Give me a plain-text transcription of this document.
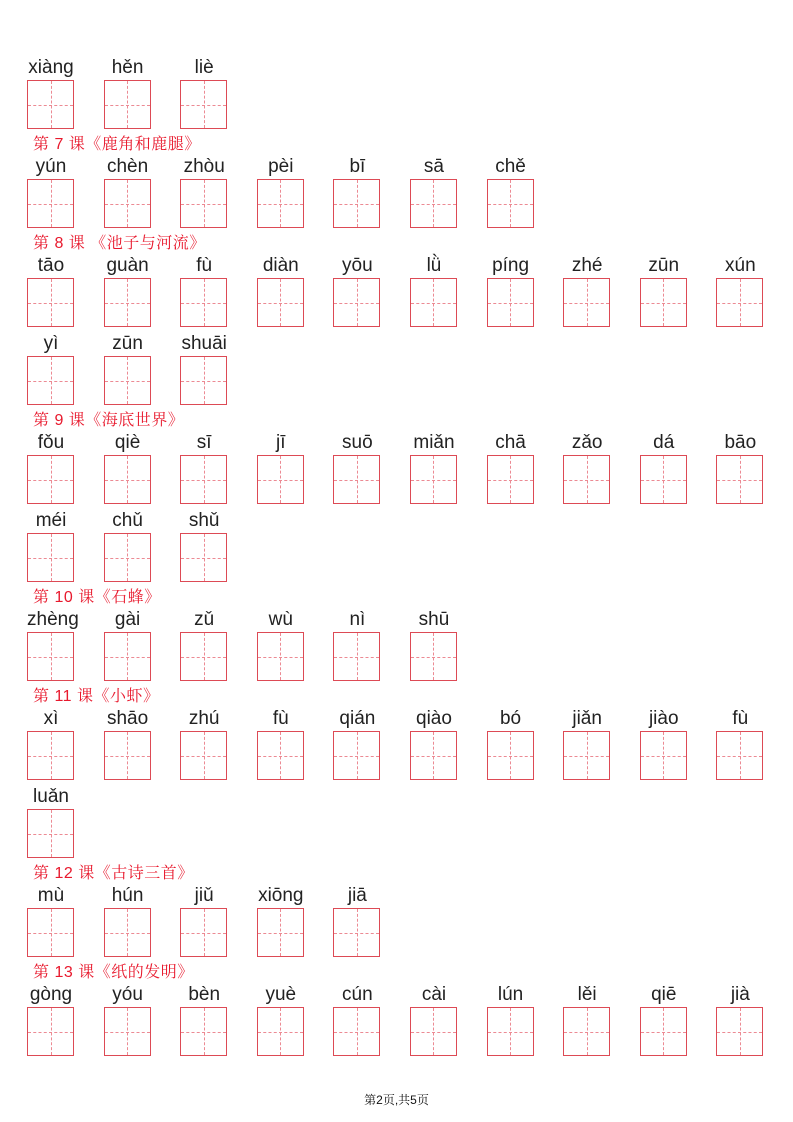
xiàng	hěn	liè
第 7 课《鹿角和鹿腿》
yún	chèn zhòu	pèi	bī	sā	chě
第 8 课 《池子与河流》
tāo	guàn	fù	diàn	yōu	lǜ	píng	zhé	zūn	xún
yì	zūn	shuāi
第 9 课《海底世界》
fǒu	qiè	sī	jī	suō	miǎn	chā	zǎo	dá	bāo
méi	chǔ	shǔ
第 10 课《石蜂》
zhèng	gài	zǔ	wù	nì	shū
第 11 课《小虾》
xì	shāo	zhú	fù	qián	qiào	bó	jiǎn	jiào	fù
luǎn
第 12 课《古诗三首》
mù	hún	jiǔ	xiōng	jiā
第 13 课《纸的发明》
gòng	yóu	bèn	yuè	cún	cài	lún	lěi	qiē	jià
第2页,共5页
